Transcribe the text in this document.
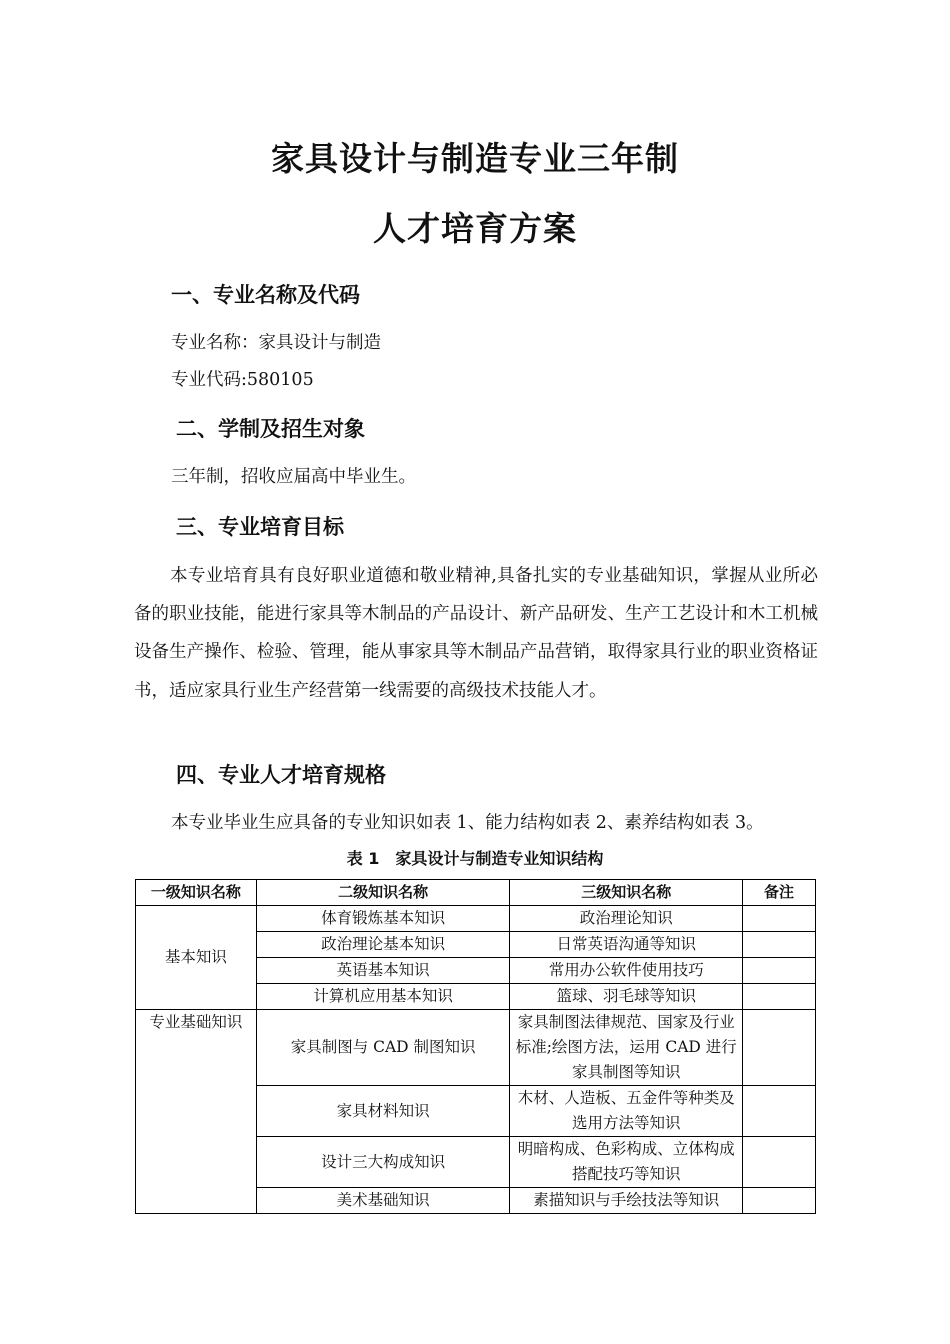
家具设计与制造专业三年制
人才培育方案
一、专业名称及代码
专业名称：家具设计与制造
专业代码:580105
二、学制及招生对象
三年制，招收应届高中毕业生。
三、专业培育目标
本专业培育具有良好职业道德和敬业精神,具备扎实的专业基础知识，掌握从业所必备的职业技能，能进行家具等木制品的产品设计、新产品研发、生产工艺设计和木工机械设备生产操作、检验、管理，能从事家具等木制品产品营销，取得家具行业的职业资格证书，适应家具行业生产经营第一线需要的高级技术技能人才。
四、专业人才培育规格
本专业毕业生应具备的专业知识如表 1、能力结构如表 2、素养结构如表 3。
表 1　家具设计与制造专业知识结构
一级知识名称	二级知识名称	三级知识名称	备注
基本知识	体育锻炼基本知识	政治理论知识	
	政治理论基本知识	日常英语沟通等知识	
	英语基本知识	常用办公软件使用技巧	
	计算机应用基本知识	篮球、羽毛球等知识	
专业基础知识	家具制图与 CAD 制图知识	家具制图法律规范、国家及行业标准;绘图方法，运用 CAD 进行家具制图等知识	
	家具材料知识	木材、人造板、五金件等种类及选用方法等知识	
	设计三大构成知识	明暗构成、色彩构成、立体构成搭配技巧等知识	
	美术基础知识	素描知识与手绘技法等知识	
